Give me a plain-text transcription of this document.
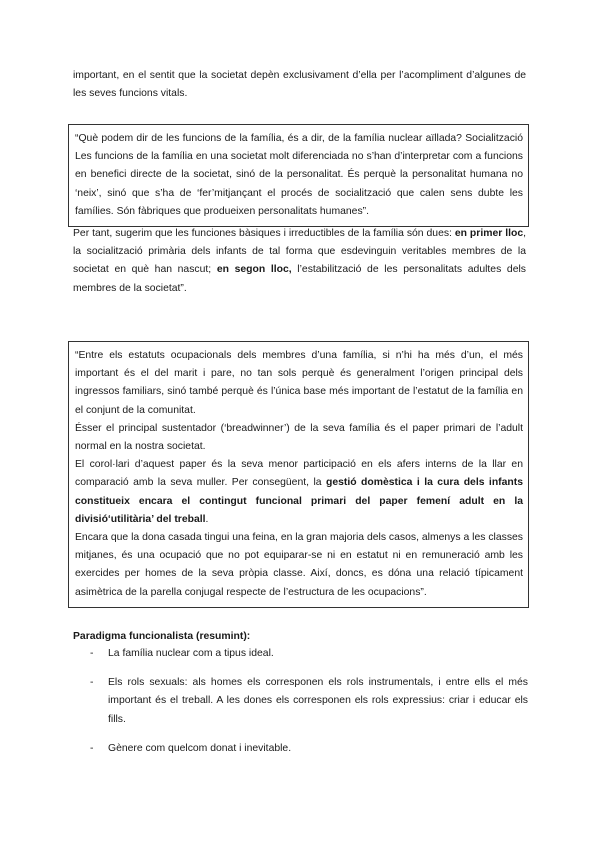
important, en el sentit que la societat depèn exclusivament d’ella per l’acompliment d’algunes de les seves funcions vitals.

“Què podem dir de les funcions de la família, és a dir, de la família nuclear aïllada? Socialització Les funcions de la família en una societat molt diferenciada no s’han d’interpretar com a funcions en benefici directe de la societat, sinó de la personalitat. És perquè la personalitat humana no ‘neix’, sinó que s’ha de ‘fer’mitjançant el procés de socialització que calen sens dubte les famílies. Són fàbriques que produeixen personalitats humanes”.

Per tant, sugerim que les funciones bàsiques i irreductibles de la família són dues: en primer lloc, la socialització primària dels infants de tal forma que esdevinguin veritables membres de la societat en què han nascut; en segon lloc, l’estabilització de les personalitats adultes dels membres de la societat”.

“Entre els estatuts ocupacionals dels membres d’una família, si n’hi ha més d’un, el més important és el del marit i pare, no tan sols perquè és generalment l’origen principal dels ingressos familiars, sinó també perquè és l’única base més important de l’estatut de la família en el conjunt de la comunitat.

Ésser el principal sustentador (‘breadwinner’) de la seva família és el paper primari de l’adult normal en la nostra societat.

El corol·lari d’aquest paper és la seva menor participació en els afers interns de la llar en comparació amb la seva muller. Per consegüent, la gestió domèstica i la cura dels infants constitueix encara el contingut funcional primari del paper femení adult en la divisió‘utilitària’ del treball.

Encara que la dona casada tingui una feina, en la gran majoria dels casos, almenys a les classes mitjanes, és una ocupació que no pot equiparar-se ni en estatut ni en remuneració amb les exercides per homes de la seva pròpia classe. Així, doncs, es dóna una relació típicament asimètrica de la parella conjugal respecte de l’estructura de les ocupacions”.

Paradigma funcionalista (resumint):

- La família nuclear com a tipus ideal.
- Els rols sexuals: als homes els corresponen els rols instrumentals, i entre ells el més important és el treball. A les dones els corresponen els rols expressius: criar i educar els fills.
- Gènere com quelcom donat i inevitable.
